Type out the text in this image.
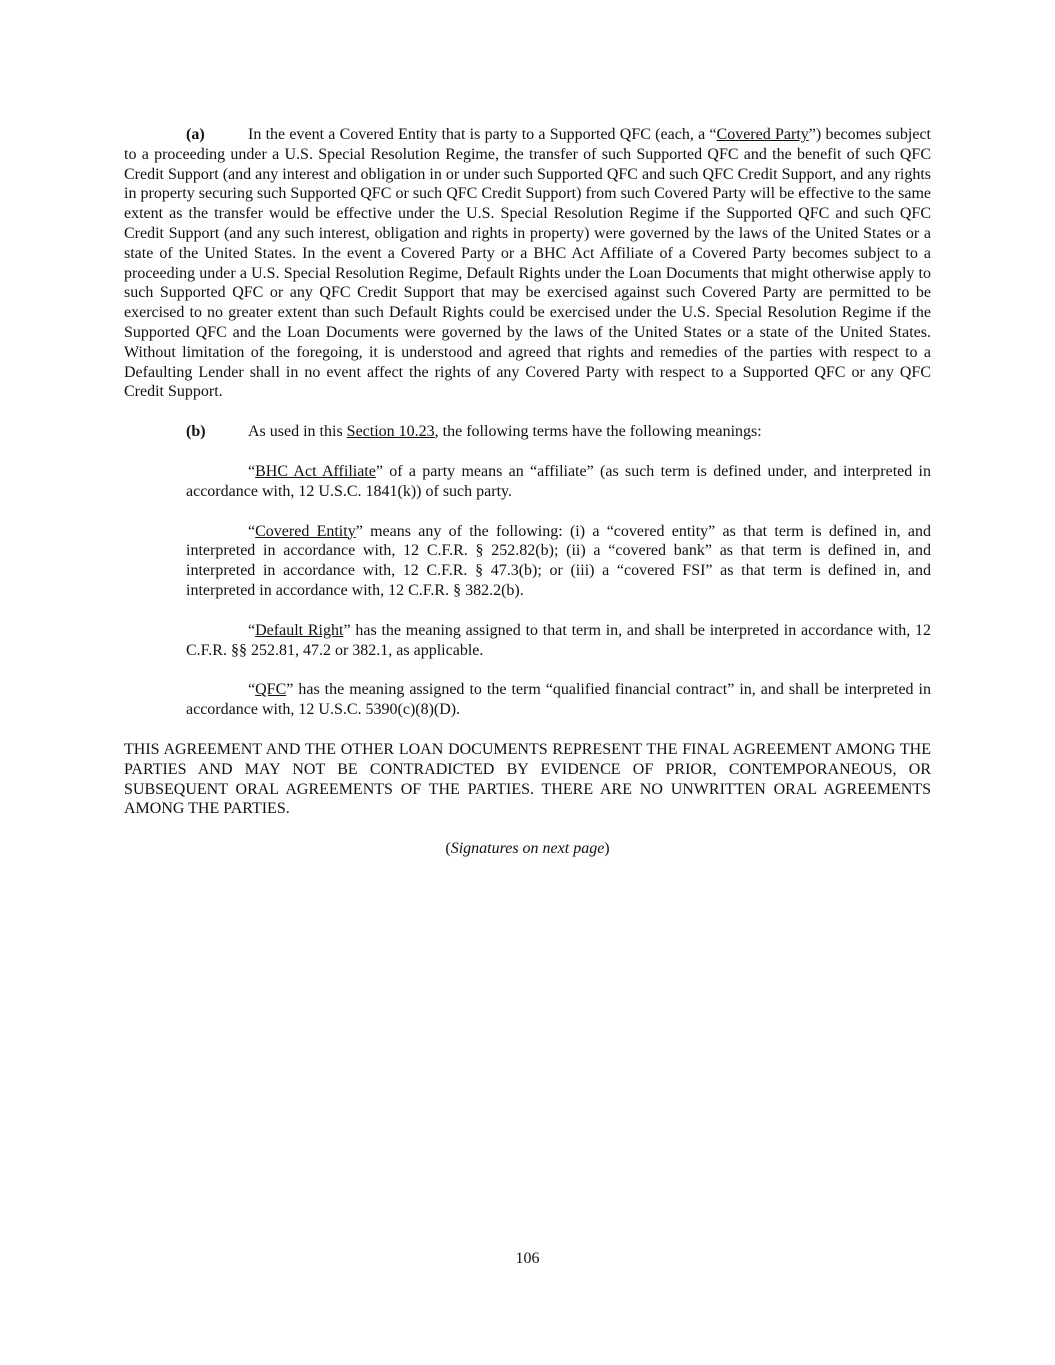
(a)	In the event a Covered Entity that is party to a Supported QFC (each, a “Covered Party”) becomes subject to a proceeding under a U.S. Special Resolution Regime, the transfer of such Supported QFC and the benefit of such QFC Credit Support (and any interest and obligation in or under such Supported QFC and such QFC Credit Support, and any rights in property securing such Supported QFC or such QFC Credit Support) from such Covered Party will be effective to the same extent as the transfer would be effective under the U.S. Special Resolution Regime if the Supported QFC and such QFC Credit Support (and any such interest, obligation and rights in property) were governed by the laws of the United States or a state of the United States. In the event a Covered Party or a BHC Act Affiliate of a Covered Party becomes subject to a proceeding under a U.S. Special Resolution Regime, Default Rights under the Loan Documents that might otherwise apply to such Supported QFC or any QFC Credit Support that may be exercised against such Covered Party are permitted to be exercised to no greater extent than such Default Rights could be exercised under the U.S. Special Resolution Regime if the Supported QFC and the Loan Documents were governed by the laws of the United States or a state of the United States. Without limitation of the foregoing, it is understood and agreed that rights and remedies of the parties with respect to a Defaulting Lender shall in no event affect the rights of any Covered Party with respect to a Supported QFC or any QFC Credit Support.

(b)	As used in this Section 10.23, the following terms have the following meanings:

“BHC Act Affiliate” of a party means an “affiliate” (as such term is defined under, and interpreted in accordance with, 12 U.S.C. 1841(k)) of such party.

“Covered Entity” means any of the following: (i) a “covered entity” as that term is defined in, and interpreted in accordance with, 12 C.F.R. § 252.82(b); (ii) a “covered bank” as that term is defined in, and interpreted in accordance with, 12 C.F.R. § 47.3(b); or (iii) a “covered FSI” as that term is defined in, and interpreted in accordance with, 12 C.F.R. § 382.2(b).

“Default Right” has the meaning assigned to that term in, and shall be interpreted in accordance with, 12 C.F.R. §§ 252.81, 47.2 or 382.1, as applicable.

“QFC” has the meaning assigned to the term “qualified financial contract” in, and shall be interpreted in accordance with, 12 U.S.C. 5390(c)(8)(D).

THIS AGREEMENT AND THE OTHER LOAN DOCUMENTS REPRESENT THE FINAL AGREEMENT AMONG THE PARTIES AND MAY NOT BE CONTRADICTED BY EVIDENCE OF PRIOR, CONTEMPORANEOUS, OR SUBSEQUENT ORAL AGREEMENTS OF THE PARTIES. THERE ARE NO UNWRITTEN ORAL AGREEMENTS AMONG THE PARTIES.

(Signatures on next page)

106
